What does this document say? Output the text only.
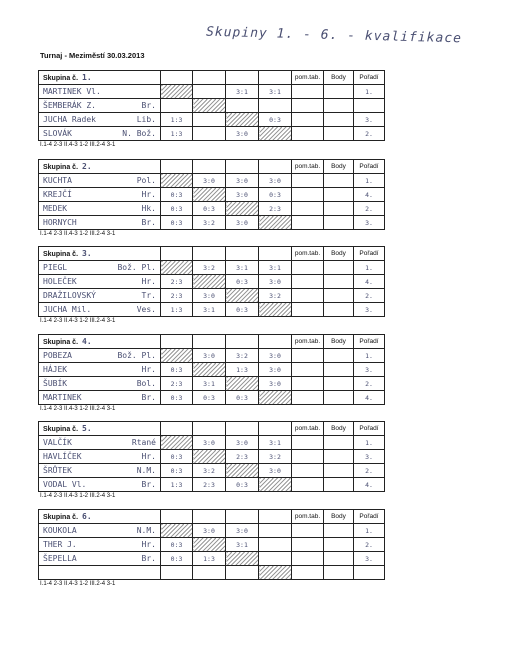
Skupiny 1. - 6. - kvalifikace
Turnaj - Meziměstí 30.03.2013
Skupina č. 1.					pom.tab.	Body	Pořadí

MARTINEK Vl.			3:1	3:1			1.

ŠEMBERÁK Z. Br.							

JUCHA Radek Lib.	1:3			0:3			3.

SLOVÁK N. Bož.	1:3		3:0				2.
I.1-4 2-3 II.4-3 1-2 III.2-4 3-1
Skupina č. 2.					pom.tab.	Body	Pořadí

KUCHTA Pol.		3:0	3:0	3:0			1.

KREJČÍ Hr.	0:3		3:0	0:3			4.

MEDEK Hk.	0:3	0:3		2:3			2.

HORNYCH Br.	0:3	3:2	3:0				3.
I.1-4 2-3 II.4-3 1-2 III.2-4 3-1
Skupina č. 3.					pom.tab.	Body	Pořadí

PIEGL Bož. Pl.		3:2	3:1	3:1			1.

HOLEČEK Hr.	2:3		0:3	3:0			4.

DRAŽILOVSKÝ Tr.	2:3	3:0		3:2			2.

JUCHA Mil. Ves.	1:3	3:1	0:3				3.
I.1-4 2-3 II.4-3 1-2 III.2-4 3-1
Skupina č. 4.					pom.tab.	Body	Pořadí

POBEZA Bož. Pl.		3:0	3:2	3:0			1.

HÁJEK Hr.	0:3		1:3	3:0			3.

ŠUBÍK Bol.	2:3	3:1		3:0			2.

MARTINEK Br.	0:3	0:3	0:3				4.
I.1-4 2-3 II.4-3 1-2 III.2-4 3-1
Skupina č. 5.					pom.tab.	Body	Pořadí

VALČÍK Rtané		3:0	3:0	3:1			1.

HAVLÍČEK Hr.	0:3		2:3	3:2			3.

ŠRŮTEK N.M.	0:3	3:2		3:0			2.

VODAL Vl. Br.	1:3	2:3	0:3				4.
I.1-4 2-3 II.4-3 1-2 III.2-4 3-1
Skupina č. 6.					pom.tab.	Body	Pořadí

KOUKOLA N.M.		3:0	3:0				1.

THER J. Hr.	0:3		3:1				2.

ŠEPELLA Br.	0:3	1:3					3.

I.1-4 2-3 II.4-3 1-2 III.2-4 3-1
